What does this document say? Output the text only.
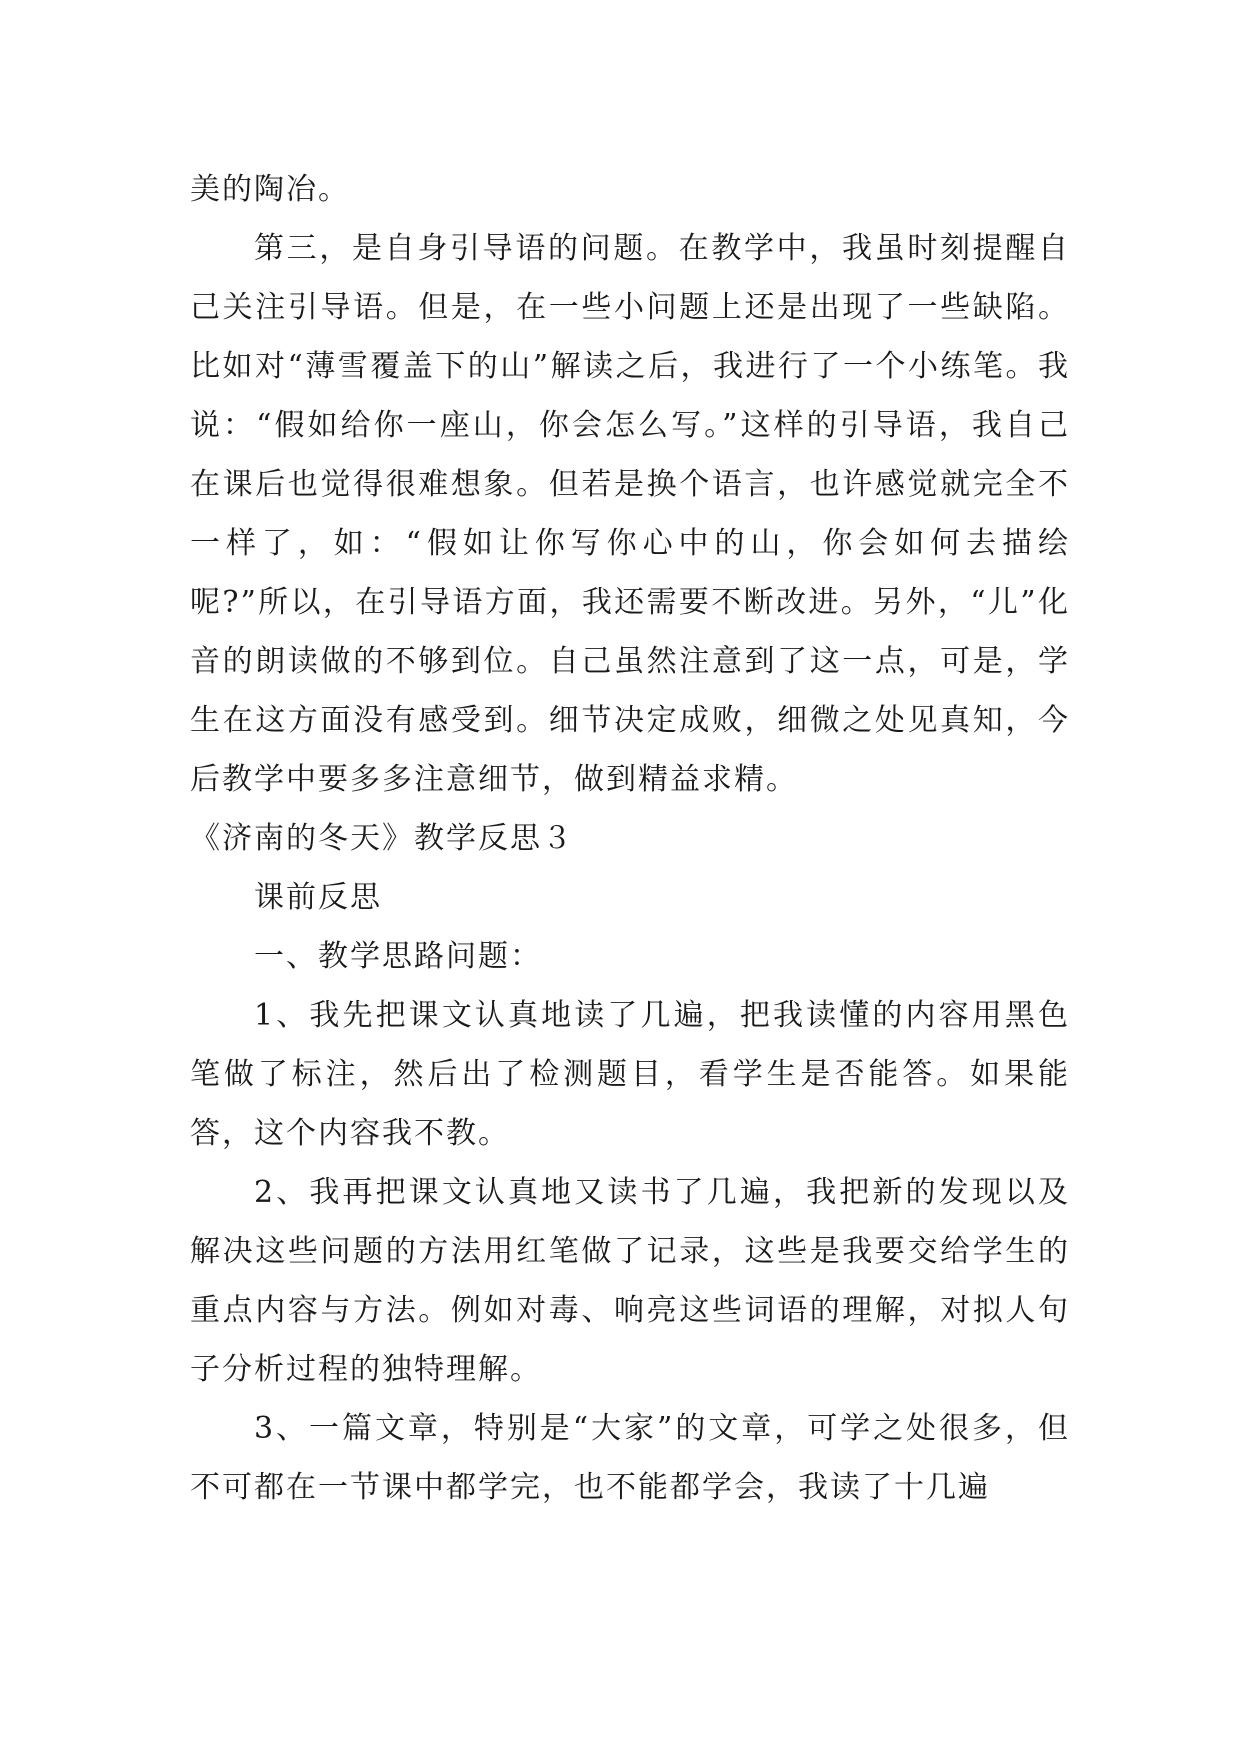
美的陶冶。

第三，是自身引导语的问题。在教学中，我虽时刻提醒自己关注引导语。但是，在一些小问题上还是出现了一些缺陷。比如对“薄雪覆盖下的山”解读之后，我进行了一个小练笔。我说：“假如给你一座山，你会怎么写。”这样的引导语，我自己在课后也觉得很难想象。但若是换个语言，也许感觉就完全不一样了，如：“假如让你写你心中的山，你会如何去描绘呢?”所以，在引导语方面，我还需要不断改进。另外，“儿”化音的朗读做的不够到位。自己虽然注意到了这一点，可是，学生在这方面没有感受到。细节决定成败，细微之处见真知，今后教学中要多多注意细节，做到精益求精。

《济南的冬天》教学反思３

课前反思

一、教学思路问题：

1、我先把课文认真地读了几遍，把我读懂的内容用黑色笔做了标注，然后出了检测题目，看学生是否能答。如果能答，这个内容我不教。

2、我再把课文认真地又读书了几遍，我把新的发现以及解决这些问题的方法用红笔做了记录，这些是我要交给学生的重点内容与方法。例如对毒、响亮这些词语的理解，对拟人句子分析过程的独特理解。

3、一篇文章，特别是“大家”的文章，可学之处很多，但不可都在一节课中都学完，也不能都学会，我读了十几遍
